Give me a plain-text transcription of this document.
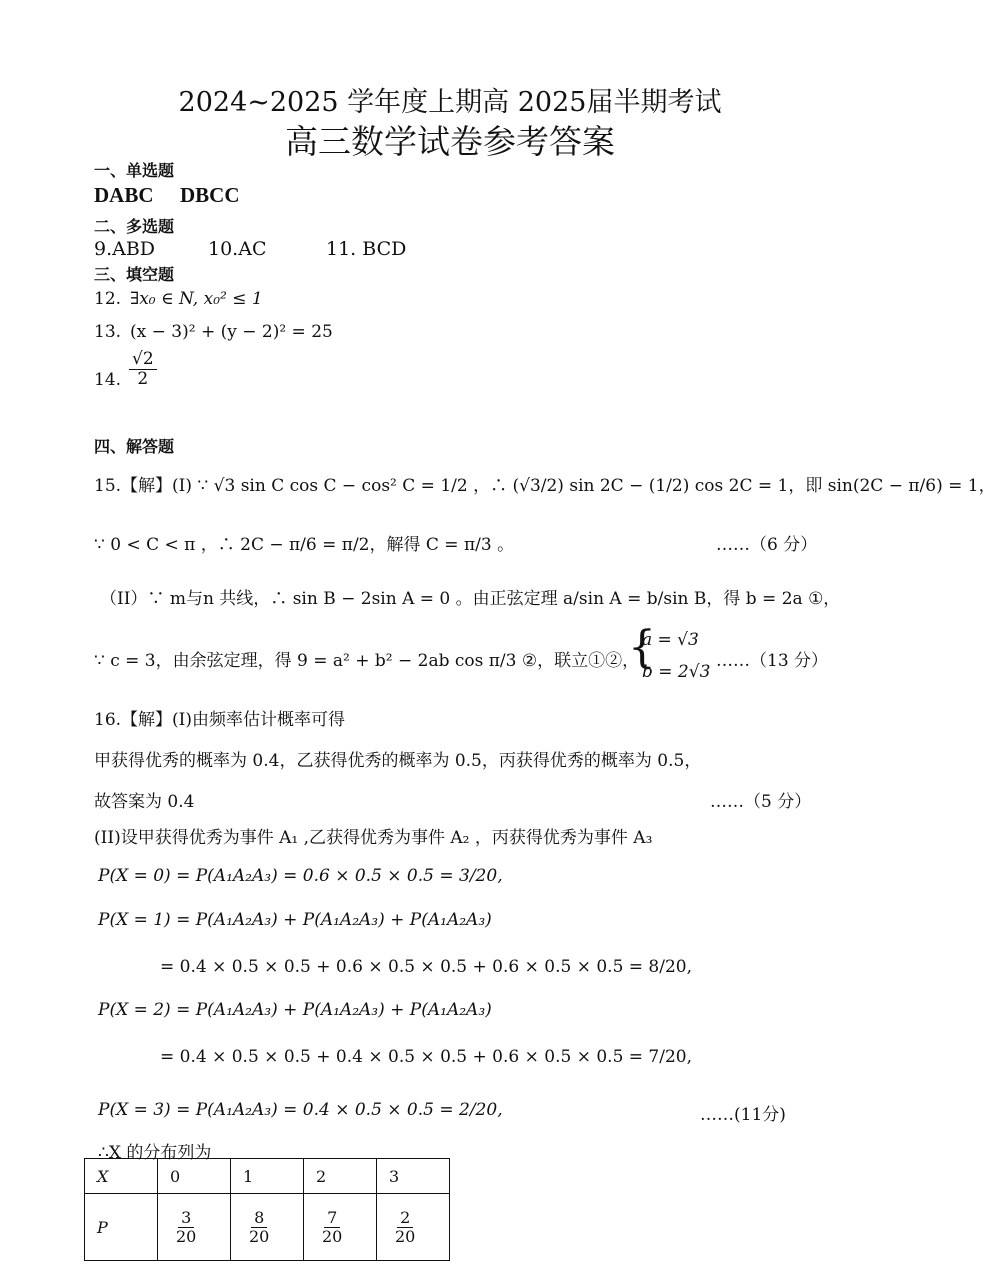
2024~2025 学年度上期高 2025届半期考试
高三数学试卷参考答案
一、单选题
DABC DBCC
二、多选题
9.ABD	10.AC	11. BCD
三、填空题
12. ∃x₀ ∈ N, x₀² ≤ 1
13. (x − 3)² + (y − 2)² = 25
14. $\frac{√2}{2}$
四、解答题
15.【解】(I) ∵ √3 sin C cos C − cos² C = 1/2 ，∴ (√3/2) sin 2C − (1/2) cos 2C = 1，即 sin(2C − π/6) = 1，
∵ 0 < C < π ，∴ 2C − π/6 = π/2，解得 C = π/3 。	……（6 分）
（II）∵ m与n 共线，∴ sin B − 2sin A = 0 。由正弦定理 a/sin A = b/sin B，得 b = 2a ①，
∵ c = 3，由余弦定理，得 9 = a² + b² − 2ab cos π/3 ②，联立①②，
{
a = √3
b = 2√3
……（13 分）
16.【解】(I)由频率估计概率可得
甲获得优秀的概率为 0.4，乙获得优秀的概率为 0.5，丙获得优秀的概率为 0.5，
故答案为 0.4	……（5 分）
(II)设甲获得优秀为事件 A₁ ,乙获得优秀为事件 A₂ ，丙获得优秀为事件 A₃
P(X = 0) = P(A₁A₂A₃) = 0.6 × 0.5 × 0.5 = 3/20,
P(X = 1) = P(A₁A₂A₃) + P(A₁A₂A₃) + P(A₁A₂A₃)
= 0.4 × 0.5 × 0.5 + 0.6 × 0.5 × 0.5 + 0.6 × 0.5 × 0.5 = 8/20,
P(X = 2) = P(A₁A₂A₃) + P(A₁A₂A₃) + P(A₁A₂A₃)
= 0.4 × 0.5 × 0.5 + 0.4 × 0.5 × 0.5 + 0.6 × 0.5 × 0.5 = 7/20,
P(X = 3) = P(A₁A₂A₃) = 0.4 × 0.5 × 0.5 = 2/20,	……(11分)
∴X 的分布列为
X	0	1	2	3
P	$\frac{3}{20}$	$\frac{8}{20}$	$\frac{7}{20}$	$\frac{2}{20}$
